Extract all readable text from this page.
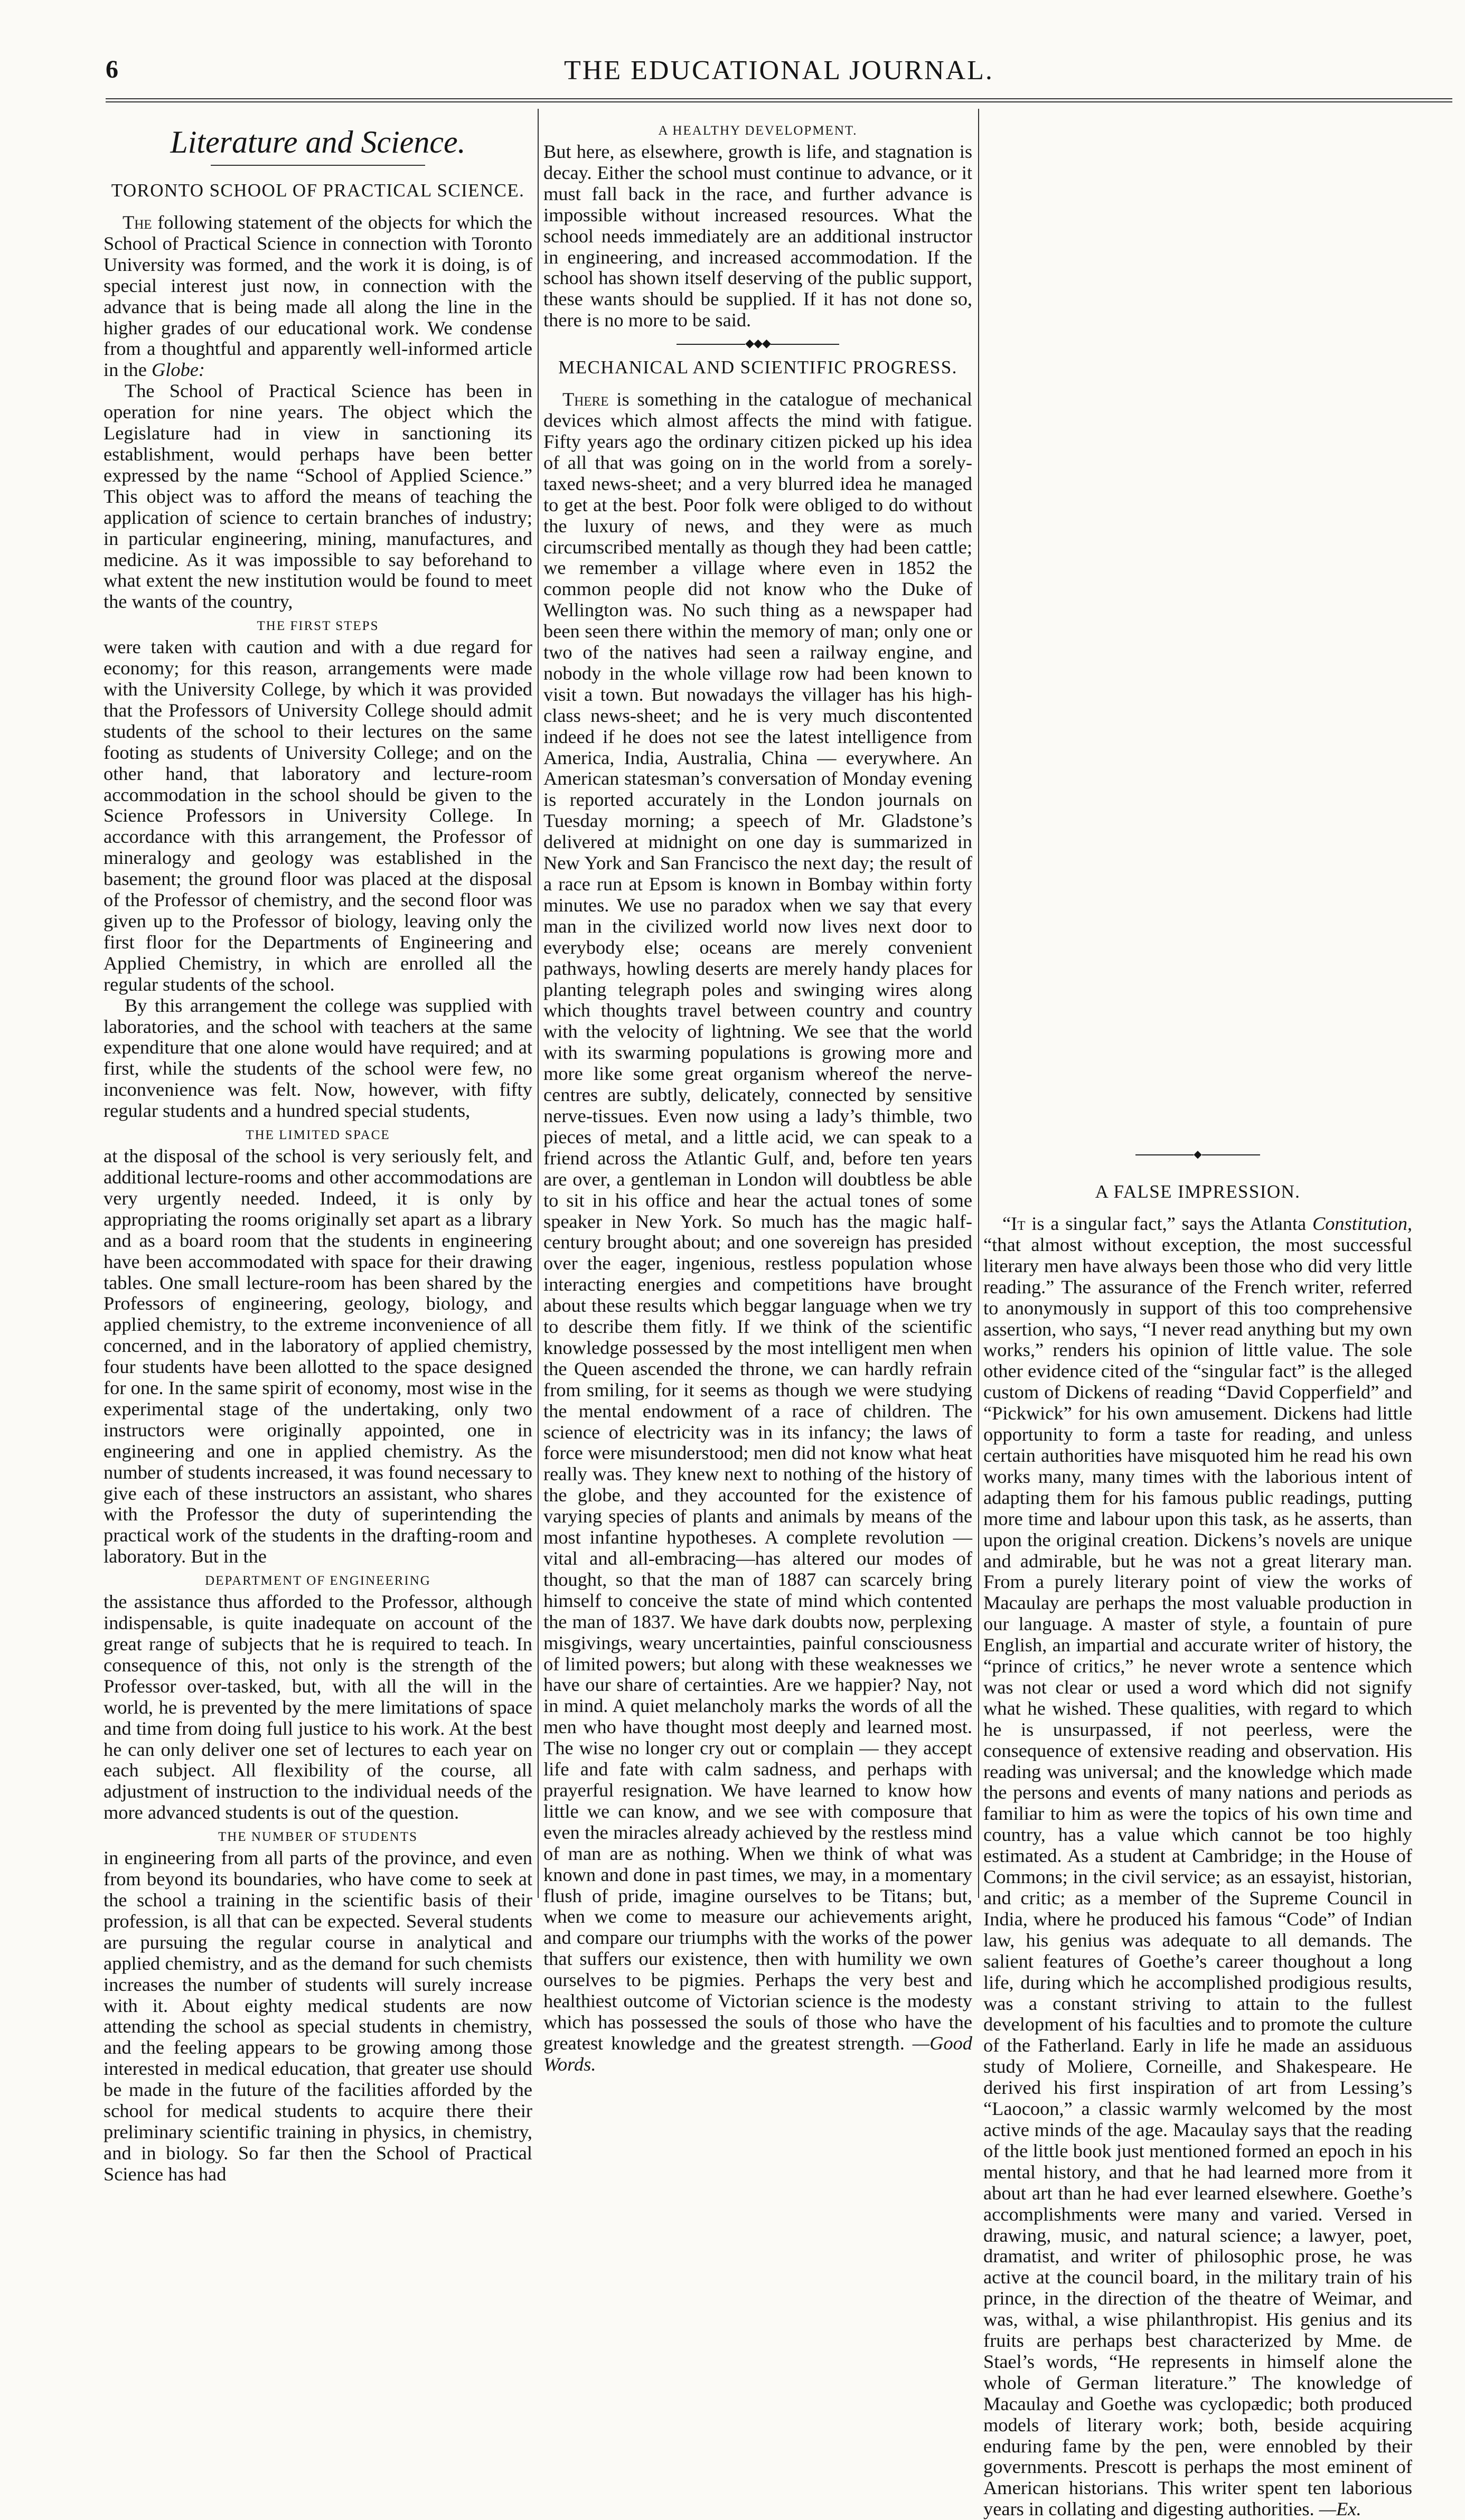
6	THE EDUCATIONAL JOURNAL.
Literature and Science.
TORONTO SCHOOL OF PRACTICAL SCIENCE.

The following statement of the objects for which the School of Practical Science in connection with Toronto University was formed, and the work it is doing, is of special interest just now, in connection with the advance that is being made all along the line in the higher grades of our educational work. We condense from a thoughtful and apparently well-informed article in the Globe:

The School of Practical Science has been in operation for nine years. The object which the Legislature had in view in sanctioning its establishment, would perhaps have been better expressed by the name “School of Applied Science.” This object was to afford the means of teaching the application of science to certain branches of industry; in particular engineering, mining, manufactures, and medicine. As it was impossible to say beforehand to what extent the new institution would be found to meet the wants of the country,

THE FIRST STEPS

were taken with caution and with a due regard for economy; for this reason, arrangements were made with the University College, by which it was provided that the Professors of University College should admit students of the school to their lectures on the same footing as students of University College; and on the other hand, that laboratory and lecture-room accommodation in the school should be given to the Science Professors in University College. In accordance with this arrangement, the Professor of mineralogy and geology was established in the basement; the ground floor was placed at the disposal of the Professor of chemistry, and the second floor was given up to the Professor of biology, leaving only the first floor for the Departments of Engineering and Applied Chemistry, in which are enrolled all the regular students of the school.

By this arrangement the college was supplied with laboratories, and the school with teachers at the same expenditure that one alone would have required; and at first, while the students of the school were few, no inconvenience was felt. Now, however, with fifty regular students and a hundred special students,

THE LIMITED SPACE

at the disposal of the school is very seriously felt, and additional lecture-rooms and other accommodations are very urgently needed. Indeed, it is only by appropriating the rooms originally set apart as a library and as a board room that the students in engineering have been accommodated with space for their drawing tables. One small lecture-room has been shared by the Professors of engineering, geology, biology, and applied chemistry, to the extreme inconvenience of all concerned, and in the laboratory of applied chemistry, four students have been allotted to the space designed for one. In the same spirit of economy, most wise in the experimental stage of the undertaking, only two instructors were originally appointed, one in engineering and one in applied chemistry. As the number of students increased, it was found necessary to give each of these instructors an assistant, who shares with the Professor the duty of superintending the practical work of the students in the drafting-room and laboratory. But in the

DEPARTMENT OF ENGINEERING

the assistance thus afforded to the Professor, although indispensable, is quite inadequate on account of the great range of subjects that he is required to teach. In consequence of this, not only is the strength of the Professor over-tasked, but, with all the will in the world, he is prevented by the mere limitations of space and time from doing full justice to his work. At the best he can only deliver one set of lectures to each year on each subject. All flexibility of the course, all adjustment of instruction to the individual needs of the more advanced students is out of the question.

THE NUMBER OF STUDENTS

in engineering from all parts of the province, and even from beyond its boundaries, who have come to seek at the school a training in the scientific basis of their profession, is all that can be expected. Several students are pursuing the regular course in analytical and applied chemistry, and as the demand for such chemists increases the number of students will surely increase with it. About eighty medical students are now attending the school as special students in chemistry, and the feeling appears to be growing among those interested in medical education, that greater use should be made in the future of the facilities afforded by the school for medical students to acquire there their preliminary scientific training in physics, in chemistry, and in biology. So far then the School of Practical Science has had

A HEALTHY DEVELOPMENT.

But here, as elsewhere, growth is life, and stagnation is decay. Either the school must continue to advance, or it must fall back in the race, and further advance is impossible without increased resources. What the school needs immediately are an additional instructor in engineering, and increased accommodation. If the school has shown itself deserving of the public support, these wants should be supplied. If it has not done so, there is no more to be said.

◆◆◆
MECHANICAL AND SCIENTIFIC PROGRESS.

There is something in the catalogue of mechanical devices which almost affects the mind with fatigue. Fifty years ago the ordinary citizen picked up his idea of all that was going on in the world from a sorely-taxed news-sheet; and a very blurred idea he managed to get at the best. Poor folk were obliged to do without the luxury of news, and they were as much circumscribed mentally as though they had been cattle; we remember a village where even in 1852 the common people did not know who the Duke of Wellington was. No such thing as a newspaper had been seen there within the memory of man; only one or two of the natives had seen a railway engine, and nobody in the whole village row had been known to visit a town. But nowadays the villager has his high-class news-sheet; and he is very much discontented indeed if he does not see the latest intelligence from America, India, Australia, China — everywhere. An American statesman’s conversation of Monday evening is reported accurately in the London journals on Tuesday morning; a speech of Mr. Gladstone’s delivered at midnight on one day is summarized in New York and San Francisco the next day; the result of a race run at Epsom is known in Bombay within forty minutes. We use no paradox when we say that every man in the civilized world now lives next door to everybody else; oceans are merely convenient pathways, howling deserts are merely handy places for planting telegraph poles and swinging wires along which thoughts travel between country and country with the velocity of lightning. We see that the world with its swarming populations is growing more and more like some great organism whereof the nerve-centres are subtly, delicately, connected by sensitive nerve-tissues. Even now using a lady’s thimble, two pieces of metal, and a little acid, we can speak to a friend across the Atlantic Gulf, and, before ten years are over, a gentleman in London will doubtless be able to sit in his office and hear the actual tones of some speaker in New York. So much has the magic half-century brought about; and one sovereign has presided over the eager, ingenious, restless population whose interacting energies and competitions have brought about these results which beggar language when we try to describe them fitly. If we think of the scientific knowledge possessed by the most intelligent men when the Queen ascended the throne, we can hardly refrain from smiling, for it seems as though we were studying the mental endowment of a race of children. The science of electricity was in its infancy; the laws of force were misunderstood; men did not know what heat really was. They knew next to nothing of the history of the globe, and they accounted for the existence of varying species of plants and animals by means of the most infantine hypotheses. A complete revolution — vital and all-embracing—has altered our modes of thought, so that the man of 1887 can scarcely bring himself to conceive the state of mind which contented the man of 1837. We have dark doubts now, perplexing misgivings, weary uncertainties, painful consciousness of limited powers; but along with these weaknesses we have our share of certainties. Are we happier? Nay, not in mind. A quiet melancholy marks the words of all the men who have thought most deeply and learned most. The wise no longer cry out or complain — they accept life and fate with calm sadness, and perhaps with prayerful resignation. We have learned to know how little we can know, and we see with composure that even the miracles already achieved by the restless mind of man are as nothing. When we think of what was known and done in past times, we may, in a momentary flush of pride, imagine ourselves to be Titans; but, when we come to measure our achievements aright, and compare our triumphs with the works of the power that suffers our existence, then with humility we own ourselves to be pigmies. Perhaps the very best and healthiest outcome of Victorian science is the modesty which has possessed the souls of those who have the greatest knowledge and the greatest strength. —Good Words.

◆
A FALSE IMPRESSION.

“It is a singular fact,” says the Atlanta Constitution, “that almost without exception, the most successful literary men have always been those who did very little reading.” The assurance of the French writer, referred to anonymously in support of this too comprehensive assertion, who says, “I never read anything but my own works,” renders his opinion of little value. The sole other evidence cited of the “singular fact” is the alleged custom of Dickens of reading “David Copperfield” and “Pickwick” for his own amusement. Dickens had little opportunity to form a taste for reading, and unless certain authorities have misquoted him he read his own works many, many times with the laborious intent of adapting them for his famous public readings, putting more time and labour upon this task, as he asserts, than upon the original creation. Dickens’s novels are unique and admirable, but he was not a great literary man. From a purely literary point of view the works of Macaulay are perhaps the most valuable production in our language. A master of style, a fountain of pure English, an impartial and accurate writer of history, the “prince of critics,” he never wrote a sentence which was not clear or used a word which did not signify what he wished. These qualities, with regard to which he is unsurpassed, if not peerless, were the consequence of extensive reading and observation. His reading was universal; and the knowledge which made the persons and events of many nations and periods as familiar to him as were the topics of his own time and country, has a value which cannot be too highly estimated. As a student at Cambridge; in the House of Commons; in the civil service; as an essayist, historian, and critic; as a member of the Supreme Council in India, where he produced his famous “Code” of Indian law, his genius was adequate to all demands. The salient features of Goethe’s career thoughout a long life, during which he accomplished prodigious results, was a constant striving to attain to the fullest development of his faculties and to promote the culture of the Fatherland. Early in life he made an assiduous study of Moliere, Corneille, and Shakespeare. He derived his first inspiration of art from Lessing’s “Laocoon,” a classic warmly welcomed by the most active minds of the age. Macaulay says that the reading of the little book just mentioned formed an epoch in his mental history, and that he had learned more from it about art than he had ever learned elsewhere. Goethe’s accomplishments were many and varied. Versed in drawing, music, and natural science; a lawyer, poet, dramatist, and writer of philosophic prose, he was active at the council board, in the military train of his prince, in the direction of the theatre of Weimar, and was, withal, a wise philanthropist. His genius and its fruits are perhaps best characterized by Mme. de Stael’s words, “He represents in himself alone the whole of German literature.” The knowledge of Macaulay and Goethe was cyclopædic; both produced models of literary work; both, beside acquiring enduring fame by the pen, were ennobled by their governments. Prescott is perhaps the most eminent of American historians. This writer spent ten laborious years in collating and digesting authorities. —Ex.
